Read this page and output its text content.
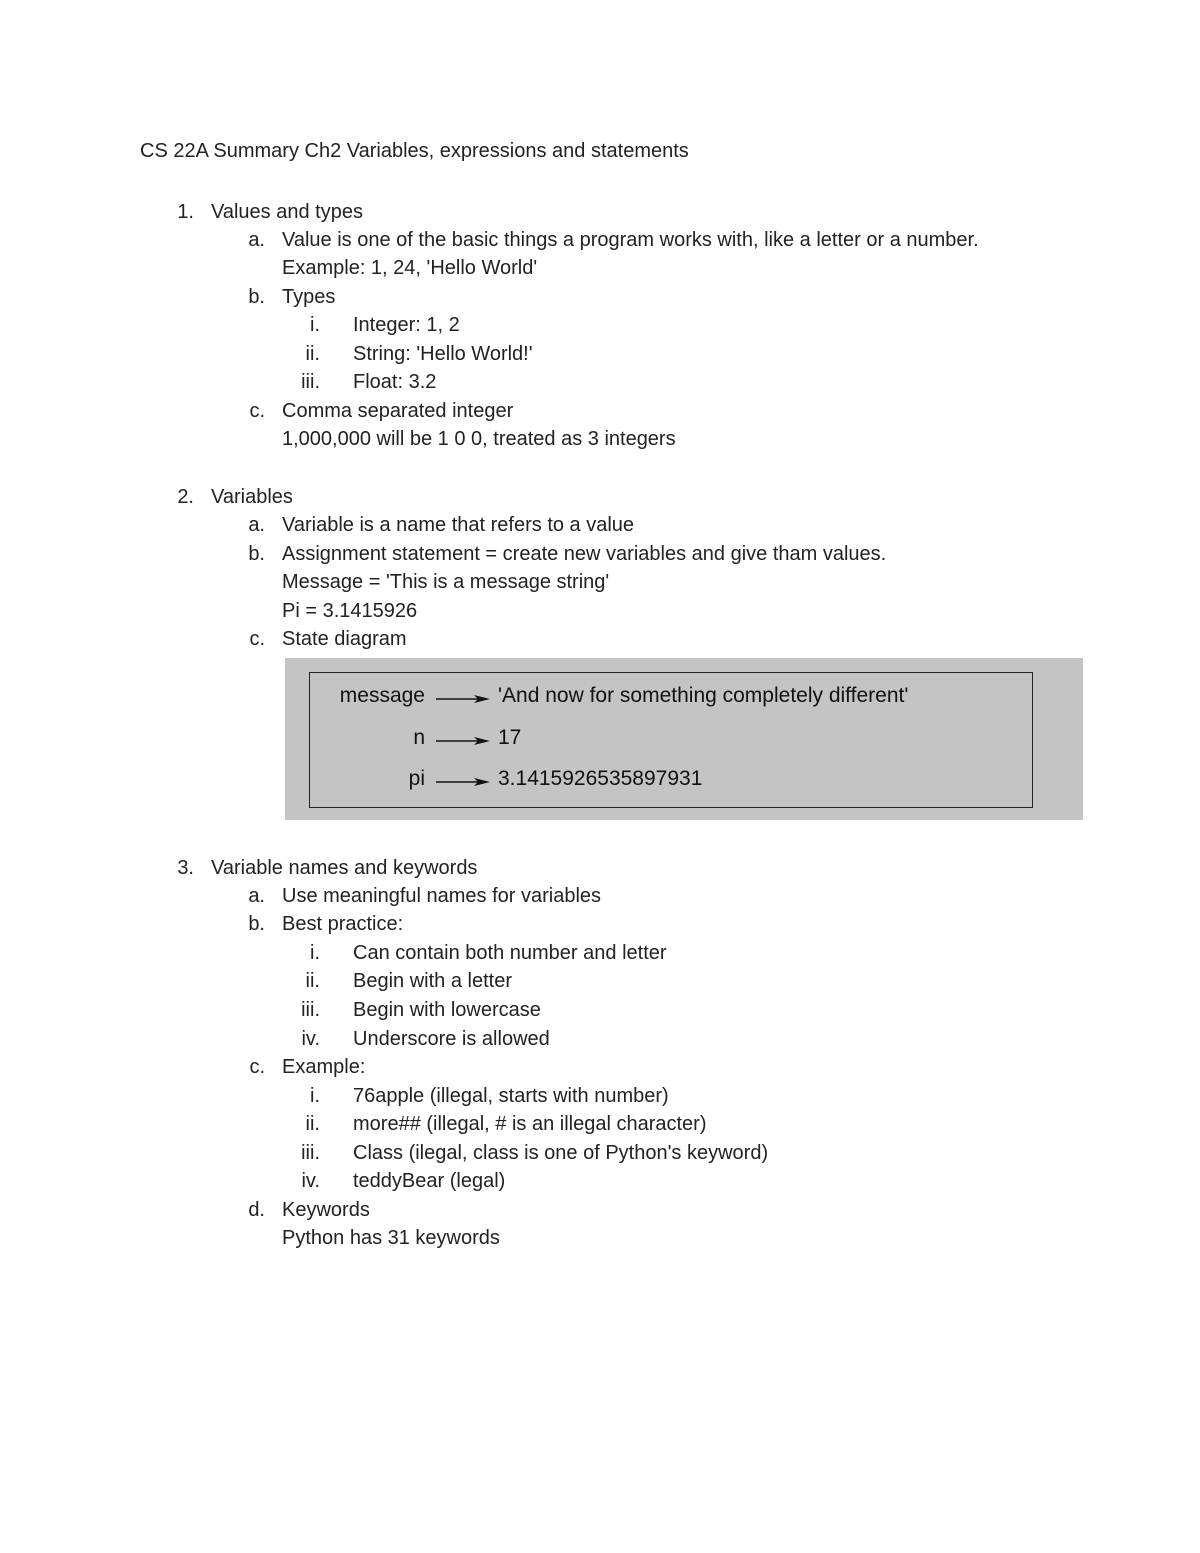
CS 22A Summary Ch2 Variables, expressions and statements
1. Values and types
a. Value is one of the basic things a program works with, like a letter or a number.
Example: 1, 24, 'Hello World'
b. Types
i. Integer: 1, 2
ii. String: 'Hello World!'
iii. Float: 3.2
c. Comma separated integer
1,000,000 will be 1 0 0, treated as 3 integers
2. Variables
a. Variable is a name that refers to a value
b. Assignment statement = create new variables and give tham values.
Message = 'This is a message string'
Pi = 3.1415926
c. State diagram
message	'And now for something completely different'
n	17
pi	3.141592653589793​1
3. Variable names and keywords
a. Use meaningful names for variables
b. Best practice:
i. Can contain both number and letter
ii. Begin with a letter
iii. Begin with lowercase
iv. Underscore is allowed
c. Example:
i. 76apple (illegal, starts with number)
ii. more## (illegal, # is an illegal character)
iii. Class (ilegal, class is one of Python's keyword)
iv. teddyBear (legal)
d. Keywords
Python has 31 keywords
